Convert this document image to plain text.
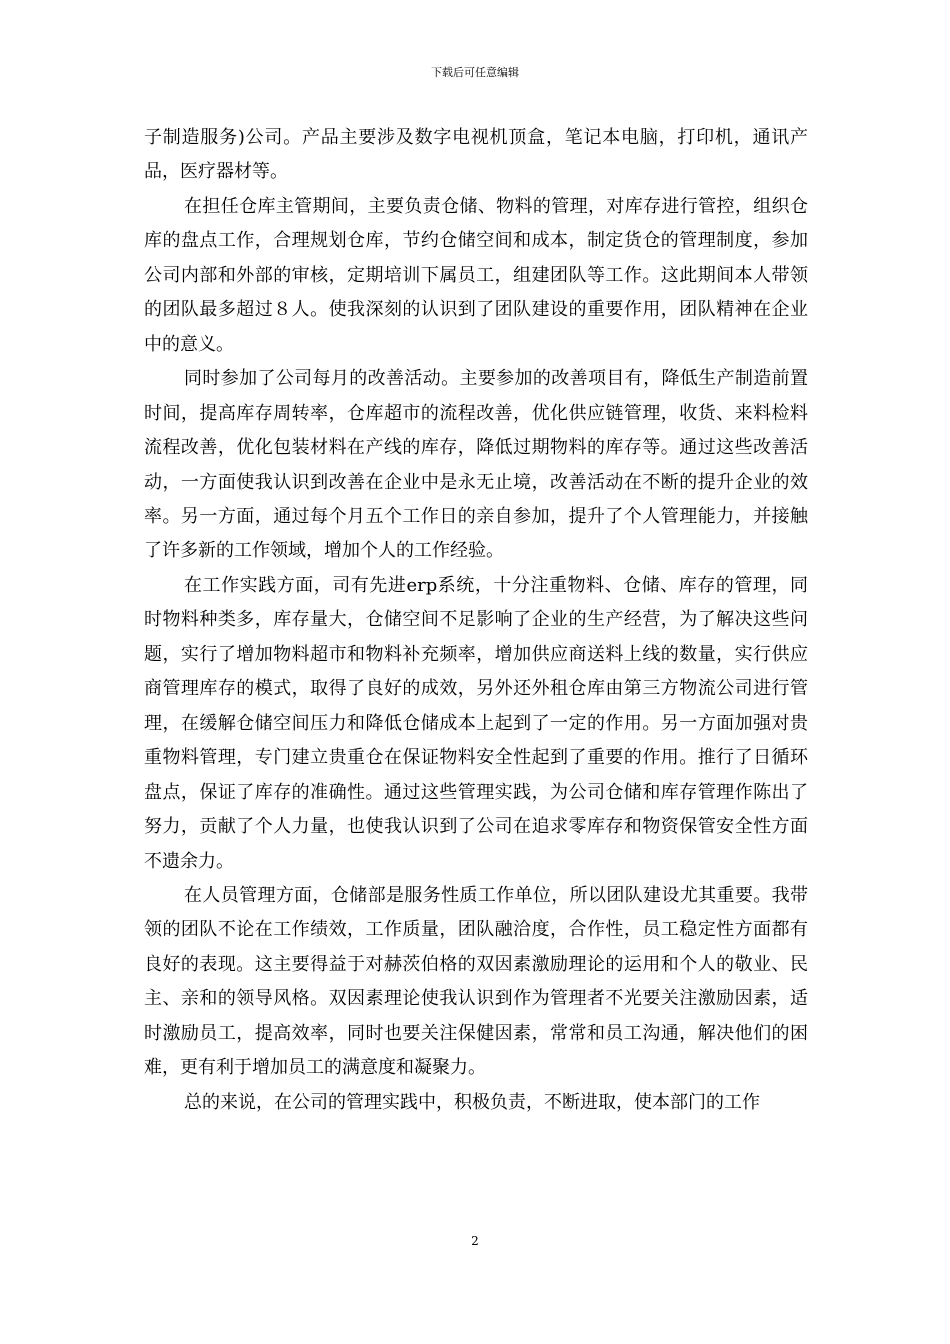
下载后可任意编辑

子制造服务)公司。产品主要涉及数字电视机顶盒，笔记本电脑，打印机，通讯产品，医疗器材等。

在担任仓库主管期间，主要负责仓储、物料的管理，对库存进行管控，组织仓库的盘点工作，合理规划仓库，节约仓储空间和成本，制定货仓的管理制度，参加公司内部和外部的审核，定期培训下属员工，组建团队等工作。这此期间本人带领的团队最多超过８人。使我深刻的认识到了团队建设的重要作用，团队精神在企业中的意义。

同时参加了公司每月的改善活动。主要参加的改善项目有，降低生产制造前置时间，提高库存周转率，仓库超市的流程改善，优化供应链管理，收货、来料检料流程改善，优化包装材料在产线的库存，降低过期物料的库存等。通过这些改善活动，一方面使我认识到改善在企业中是永无止境，改善活动在不断的提升企业的效率。另一方面，通过每个月五个工作日的亲自参加，提升了个人管理能力，并接触了许多新的工作领域，增加个人的工作经验。

在工作实践方面，司有先进erp系统，十分注重物料、仓储、库存的管理，同时物料种类多，库存量大，仓储空间不足影响了企业的生产经营，为了解决这些问题，实行了增加物料超市和物料补充频率，增加供应商送料上线的数量，实行供应商管理库存的模式，取得了良好的成效，另外还外租仓库由第三方物流公司进行管理，在缓解仓储空间压力和降低仓储成本上起到了一定的作用。另一方面加强对贵重物料管理，专门建立贵重仓在保证物料安全性起到了重要的作用。推行了日循环盘点，保证了库存的准确性。通过这些管理实践，为公司仓储和库存管理作陈出了努力，贡献了个人力量，也使我认识到了公司在追求零库存和物资保管安全性方面不遗余力。

在人员管理方面，仓储部是服务性质工作单位，所以团队建设尤其重要。我带领的团队不论在工作绩效，工作质量，团队融洽度，合作性，员工稳定性方面都有良好的表现。这主要得益于对赫茨伯格的双因素激励理论的运用和个人的敬业、民主、亲和的领导风格。双因素理论使我认识到作为管理者不光要关注激励因素，适时激励员工，提高效率，同时也要关注保健因素，常常和员工沟通，解决他们的困难，更有利于增加员工的满意度和凝聚力。

总的来说，在公司的管理实践中，积极负责，不断进取，使本部门的工作

2
